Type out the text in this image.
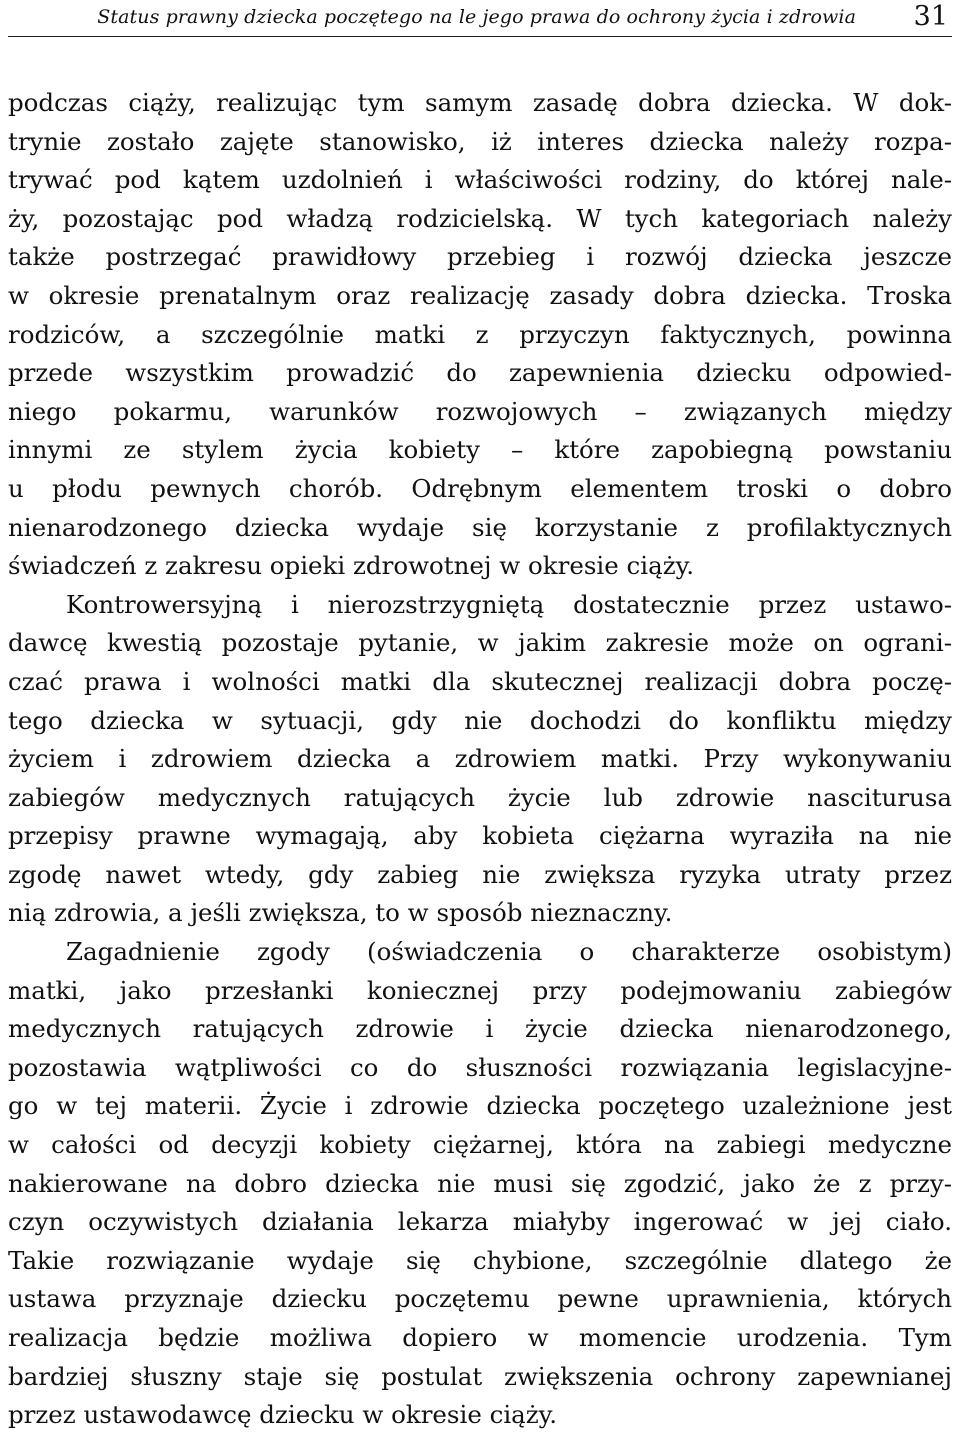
Status prawny dziecka poczętego na le jego prawa do ochrony życia i zdrowia 31
podczas ciąży, realizując tym samym zasadę dobra dziecka. W dok-
trynie zostało zajęte stanowisko, iż interes dziecka należy rozpa-
trywać pod kątem uzdolnień i właściwości rodziny, do której nale-
ży, pozostając pod władzą rodzicielską. W tych kategoriach należy
także postrzegać prawidłowy przebieg i rozwój dziecka jeszcze
w okresie prenatalnym oraz realizację zasady dobra dziecka. Troska
rodziców, a szczególnie matki z przyczyn faktycznych, powinna
przede wszystkim prowadzić do zapewnienia dziecku odpowied-
niego pokarmu, warunków rozwojowych – związanych między
innymi ze stylem życia kobiety – które zapobiegną powstaniu
u płodu pewnych chorób. Odrębnym elementem troski o dobro
nienarodzonego dziecka wydaje się korzystanie z profilaktycznych
świadczeń z zakresu opieki zdrowotnej w okresie ciąży.
Kontrowersyjną i nierozstrzygniętą dostatecznie przez ustawo-
dawcę kwestią pozostaje pytanie, w jakim zakresie może on ograni-
czać prawa i wolności matki dla skutecznej realizacji dobra poczę-
tego dziecka w sytuacji, gdy nie dochodzi do konfliktu między
życiem i zdrowiem dziecka a zdrowiem matki. Przy wykonywaniu
zabiegów medycznych ratujących życie lub zdrowie nasciturusa
przepisy prawne wymagają, aby kobieta ciężarna wyraziła na nie
zgodę nawet wtedy, gdy zabieg nie zwiększa ryzyka utraty przez
nią zdrowia, a jeśli zwiększa, to w sposób nieznaczny.
Zagadnienie zgody (oświadczenia o charakterze osobistym)
matki, jako przesłanki koniecznej przy podejmowaniu zabiegów
medycznych ratujących zdrowie i życie dziecka nienarodzonego,
pozostawia wątpliwości co do słuszności rozwiązania legislacyjne-
go w tej materii. Życie i zdrowie dziecka poczętego uzależnione jest
w całości od decyzji kobiety ciężarnej, która na zabiegi medyczne
nakierowane na dobro dziecka nie musi się zgodzić, jako że z przy-
czyn oczywistych działania lekarza miałyby ingerować w jej ciało.
Takie rozwiązanie wydaje się chybione, szczególnie dlatego że
ustawa przyznaje dziecku poczętemu pewne uprawnienia, których
realizacja będzie możliwa dopiero w momencie urodzenia. Tym
bardziej słuszny staje się postulat zwiększenia ochrony zapewnianej
przez ustawodawcę dziecku w okresie ciąży.
